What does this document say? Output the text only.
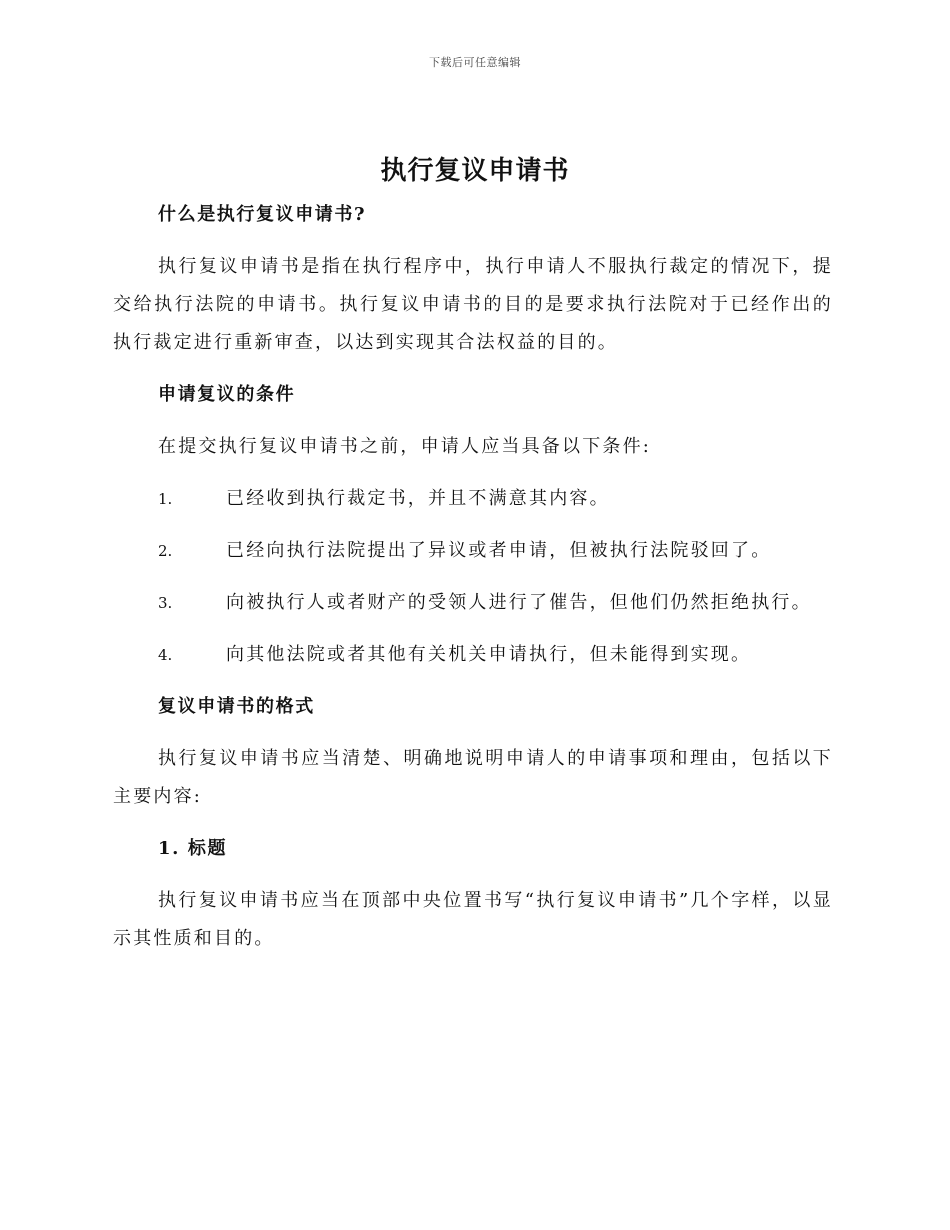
下载后可任意编辑
执行复议申请书
什么是执行复议申请书?

执行复议申请书是指在执行程序中，执行申请人不服执行裁定的情况下，提交给执行法院的申请书。执行复议申请书的目的是要求执行法院对于已经作出的执行裁定进行重新审查，以达到实现其合法权益的目的。

申请复议的条件

在提交执行复议申请书之前，申请人应当具备以下条件:

1.	已经收到执行裁定书，并且不满意其内容。

2.	已经向执行法院提出了异议或者申请，但被执行法院驳回了。

3.	向被执行人或者财产的受领人进行了催告，但他们仍然拒绝执行。

4.	向其他法院或者其他有关机关申请执行，但未能得到实现。

复议申请书的格式

执行复议申请书应当清楚、明确地说明申请人的申请事项和理由，包括以下主要内容:

1. 标题

执行复议申请书应当在顶部中央位置书写“执行复议申请书”几个字样，以显示其性质和目的。
